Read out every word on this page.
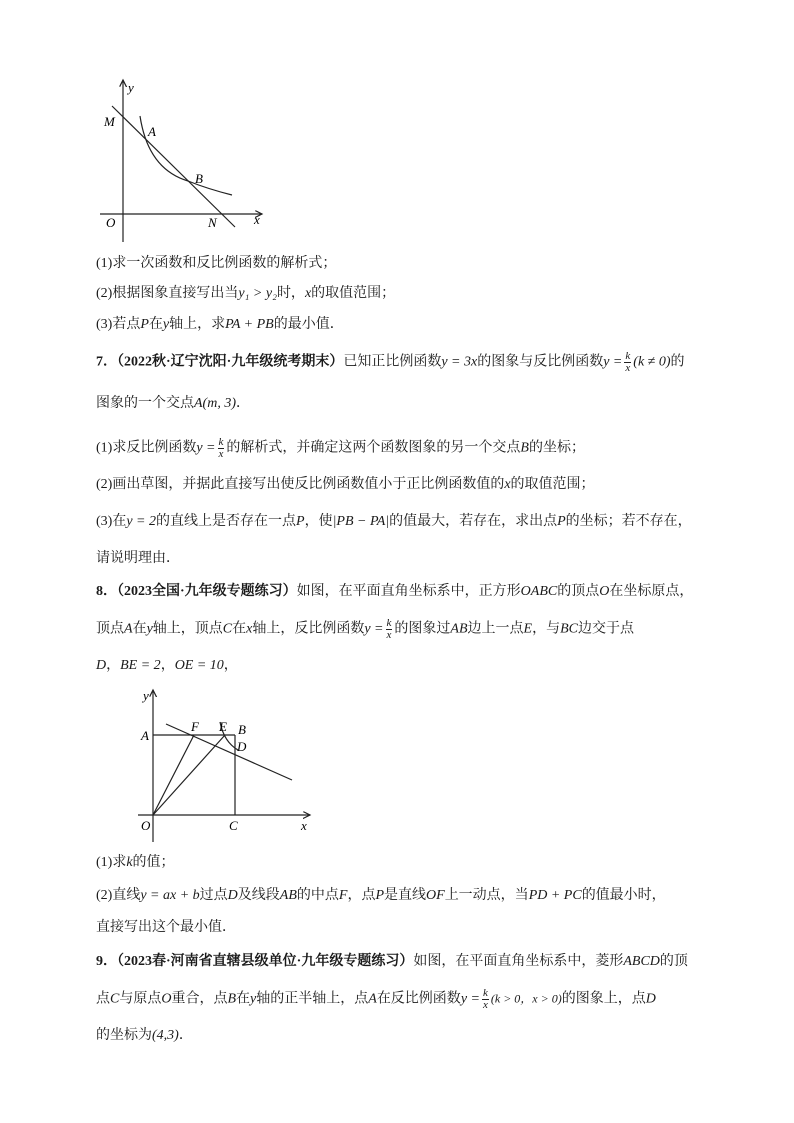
y
M
A
B
O	N	x
(1)求一次函数和反比例函数的解析式；
(2)根据图象直接写出当y₁ > y₂时，x的取值范围；
(3)若点P在y轴上，求PA + PB的最小值．
7．（2022秋·辽宁沈阳·九年级统考期末）已知正比例函数y = 3x的图象与反比例函数$y = \frac{k}{x} (k \ne 0)$的
图象的一个交点A(m, 3)．
(1)求反比例函数$y = \frac{k}{x}$ 的解析式，并确定这两个函数图象的另一个交点B的坐标；
(2)画出草图，并据此直接写出使反比例函数值小于正比例函数值的x的取值范围；
(3)在y = 2的直线上是否存在一点P，使|PB − PA|的值最大，若存在，求出点P的坐标；若不存在，
请说明理由．
8．（2023全国·九年级专题练习）如图，在平面直角坐标系中，正方形OABC的顶点O在坐标原点，
顶点A在y轴上，顶点C在x轴上，反比例函数$y = \frac{k}{x}$ 的图象过AB边上一点E，与BC边交于点
D，BE = 2，OE = 10，
y
A
F E B
D
O	C	x
(1)求k的值；
(2)直线y = ax + b过点D及线段AB的中点F，点P是直线OF上一动点，当PD + PC的值最小时，
直接写出这个最小值．
9．（2023春·河南省直辖县级单位·九年级专题练习）如图，在平面直角坐标系中，菱形ABCD的顶
点C与原点O重合，点B在y轴的正半轴上，点A在反比例函数$y = \frac{k}{x} (k > 0$，x > 0)的图象上，点D
的坐标为(4,3)．
